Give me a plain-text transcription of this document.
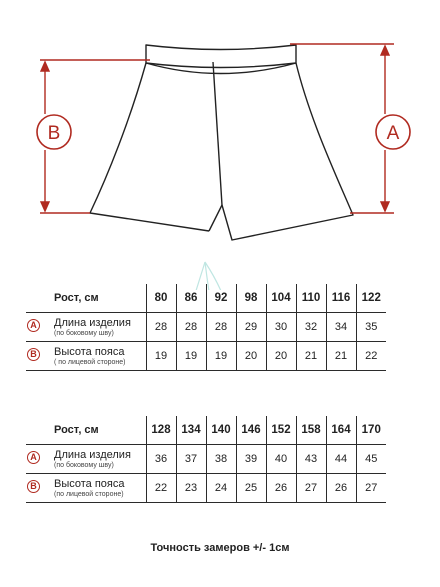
B	A
Рост, см	80	86	92	98	104	110	116	122

A Длина изделия
(по боковому шву)	28	28	28	29	30	32	34	35

B Высота пояса
( по лицевой стороне)	19	19	19	20	20	21	21	22
Рост, см	128	134	140	146	152	158	164	170

A Длина изделия
(по боковому шву)	36	37	38	39	40	43	44	45

B Высота пояса
(по лицевой стороне)	22	23	24	25	26	27	26	27
Точность замеров +/- 1см
